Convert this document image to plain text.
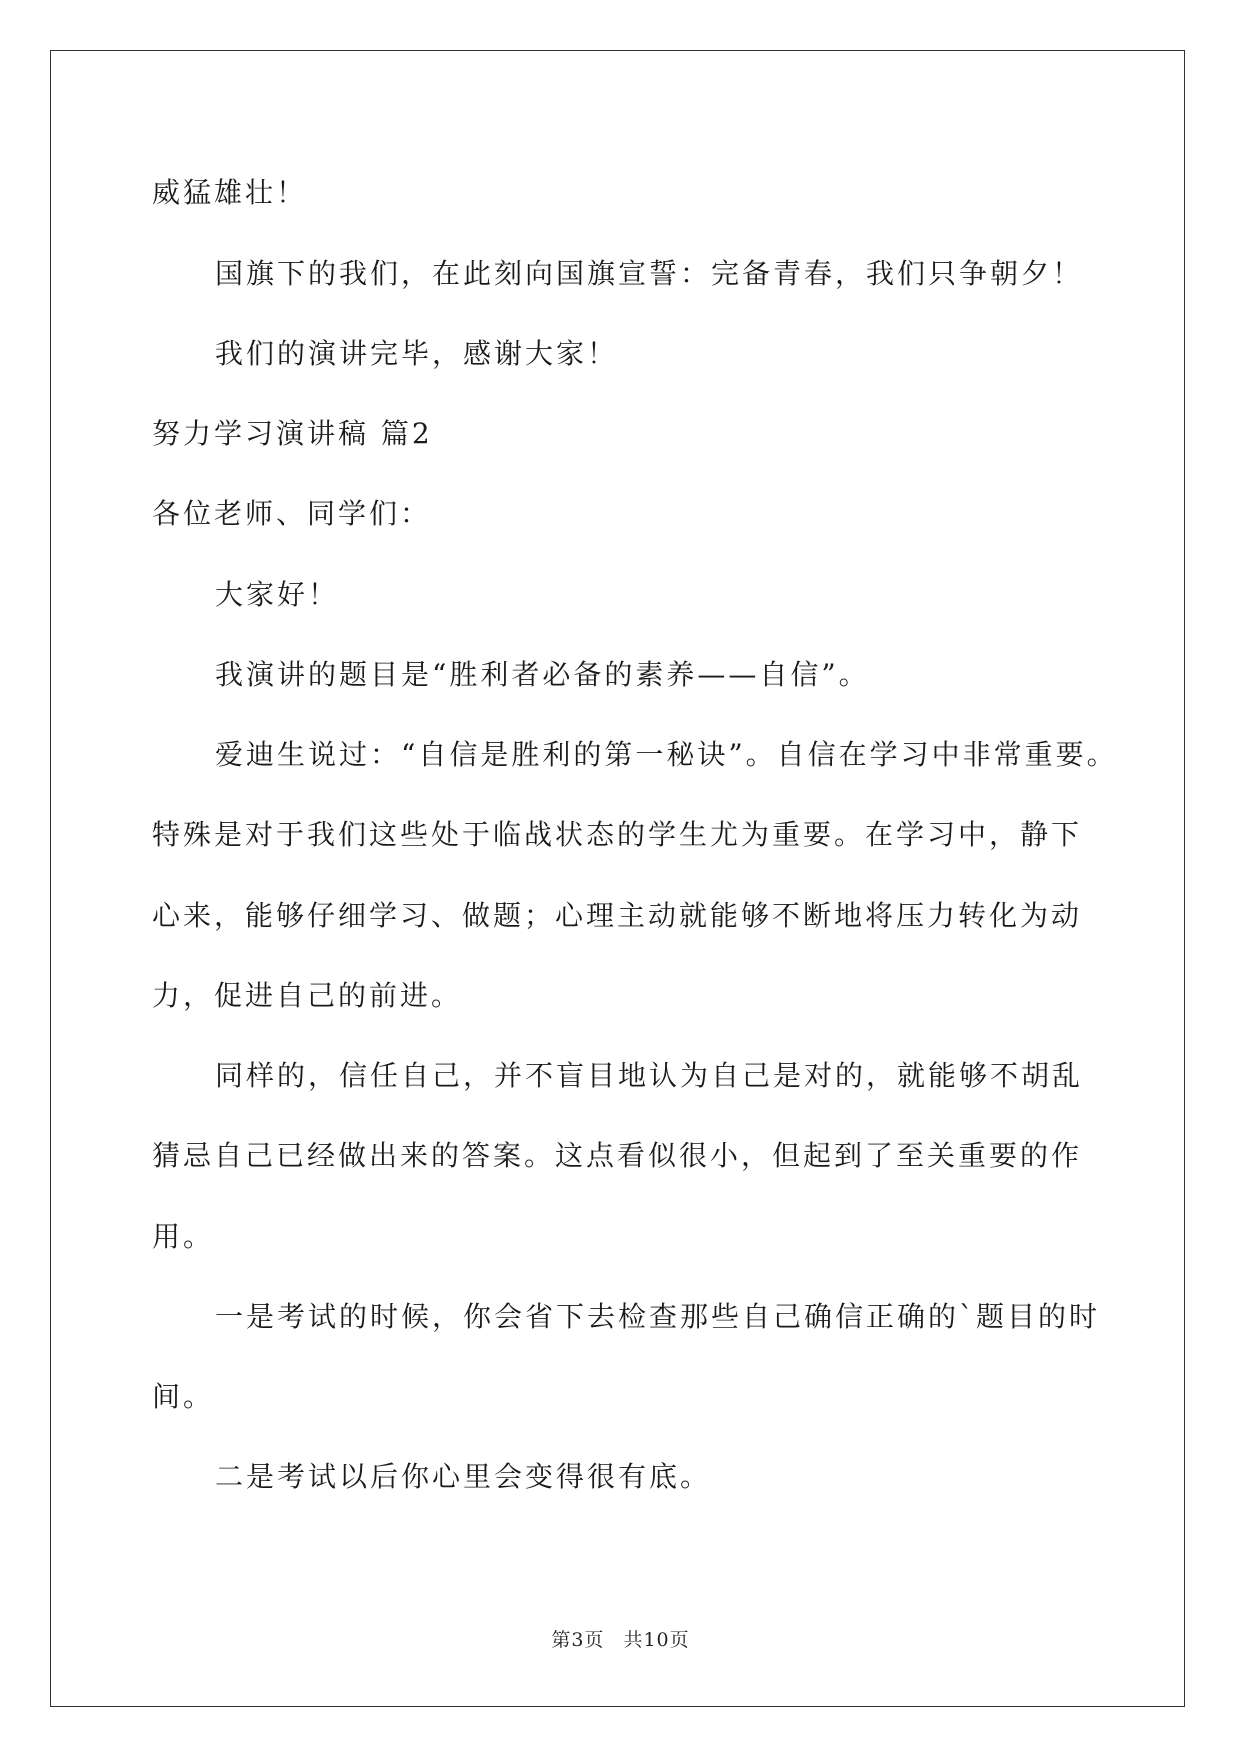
威猛雄壮！
国旗下的我们，在此刻向国旗宣誓：完备青春，我们只争朝夕！
我们的演讲完毕，感谢大家！
努力学习演讲稿 篇2
各位老师、同学们：
大家好！
我演讲的题目是“胜利者必备的素养——自信”。
爱迪生说过：“自信是胜利的第一秘诀”。自信在学习中非常重要。
特殊是对于我们这些处于临战状态的学生尤为重要。在学习中，静下
心来，能够仔细学习、做题；心理主动就能够不断地将压力转化为动
力，促进自己的前进。
同样的，信任自己，并不盲目地认为自己是对的，就能够不胡乱
猜忌自己已经做出来的答案。这点看似很小，但起到了至关重要的作
用。
一是考试的时候，你会省下去检查那些自己确信正确的`题目的时
间。
二是考试以后你心里会变得很有底。
第3页 共10页
